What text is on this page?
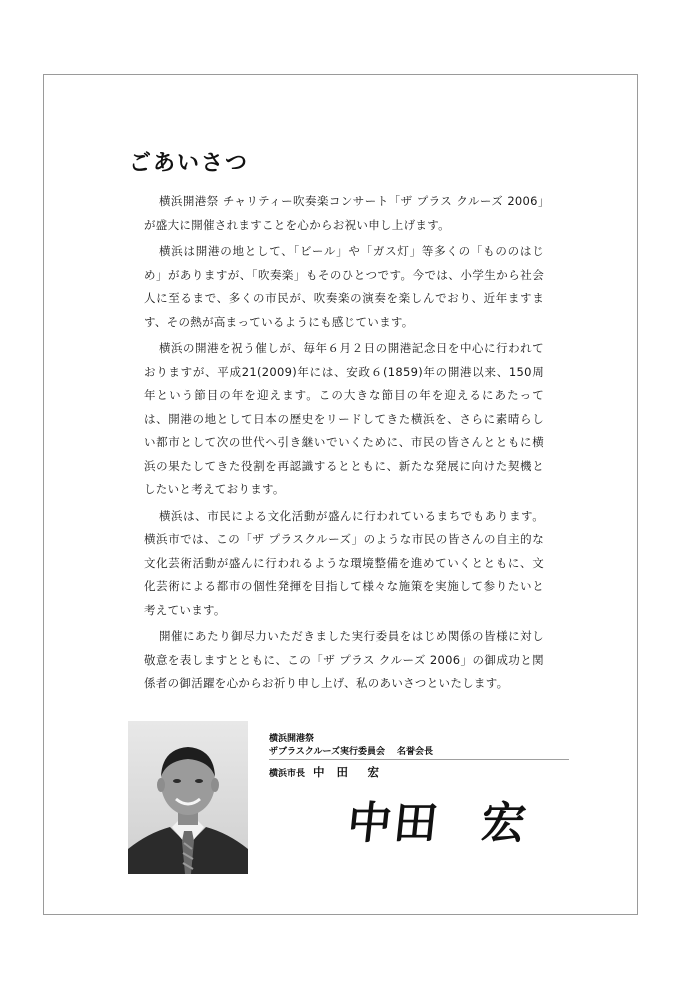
ごあいさつ

横浜開港祭 チャリティー吹奏楽コンサート「ザ プラス クルーズ 2006」が盛大に開催されますことを心からお祝い申し上げます。

横浜は開港の地として、「ビール」や「ガス灯」等多くの「もののはじめ」がありますが、「吹奏楽」もそのひとつです。今では、小学生から社会人に至るまで、多くの市民が、吹奏楽の演奏を楽しんでおり、近年ますます、その熱が高まっているようにも感じています。

横浜の開港を祝う催しが、毎年６月２日の開港記念日を中心に行われておりますが、平成21(2009)年には、安政６(1859)年の開港以来、150周年という節目の年を迎えます。この大きな節目の年を迎えるにあたっては、開港の地として日本の歴史をリードしてきた横浜を、さらに素晴らしい都市として次の世代へ引き継いでいくために、市民の皆さんとともに横浜の果たしてきた役割を再認識するとともに、新たな発展に向けた契機としたいと考えております。

横浜は、市民による文化活動が盛んに行われているまちでもあります。横浜市では、この「ザ プラスクルーズ」のような市民の皆さんの自主的な文化芸術活動が盛んに行われるような環境整備を進めていくとともに、文化芸術による都市の個性発揮を目指して様々な施策を実施して参りたいと考えています。

開催にあたり御尽力いただきました実行委員をはじめ関係の皆様に対し敬意を表しますとともに、この「ザ プラス クルーズ 2006」の御成功と関係者の御活躍を心からお祈り申し上げ、私のあいさつといたします。

横浜開港祭
ザブラスクルーズ実行委員会 名誉会長
横浜市長 中 田　宏
中田 宏
